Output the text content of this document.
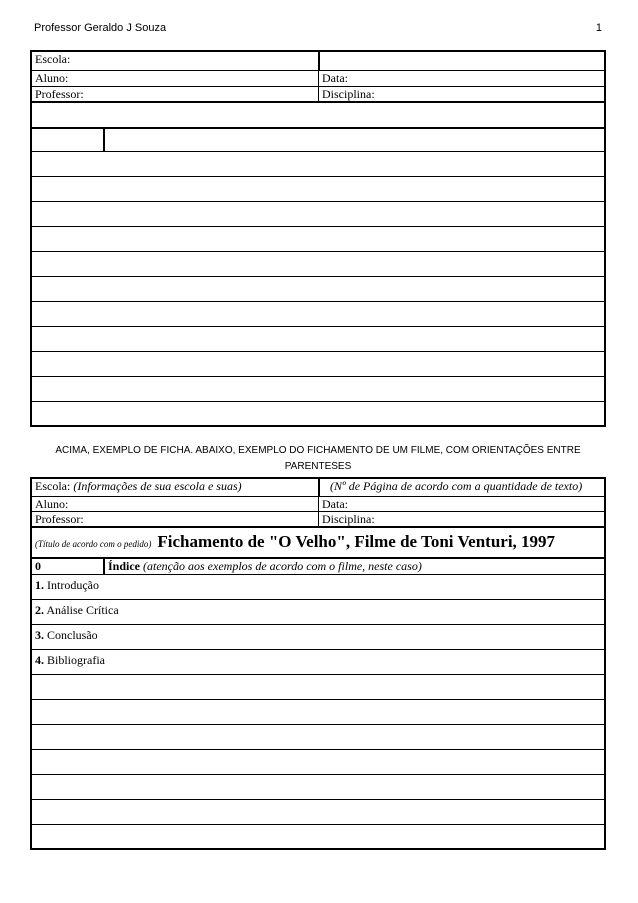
Professor Geraldo J Souza	1
Escola:
Aluno:	Data:
Professor:	Disciplina:
ACIMA, EXEMPLO DE FICHA. ABAIXO, EXEMPLO DO FICHAMENTO DE UM FILME, COM ORIENTAÇÕES ENTRE PARENTESES
Escola: (Informações de sua escola e suas)	(Nº de Página de acordo com a quantidade de texto)
Aluno:	Data:
Professor:	Disciplina:
(Título de acordo com o pedido) Fichamento de "O Velho", Filme de Toni Venturi, 1997
0	Índice (atenção aos exemplos de acordo com o filme, neste caso)
1. Introdução
2. Análise Crítica
3. Conclusão
4. Bibliografia
